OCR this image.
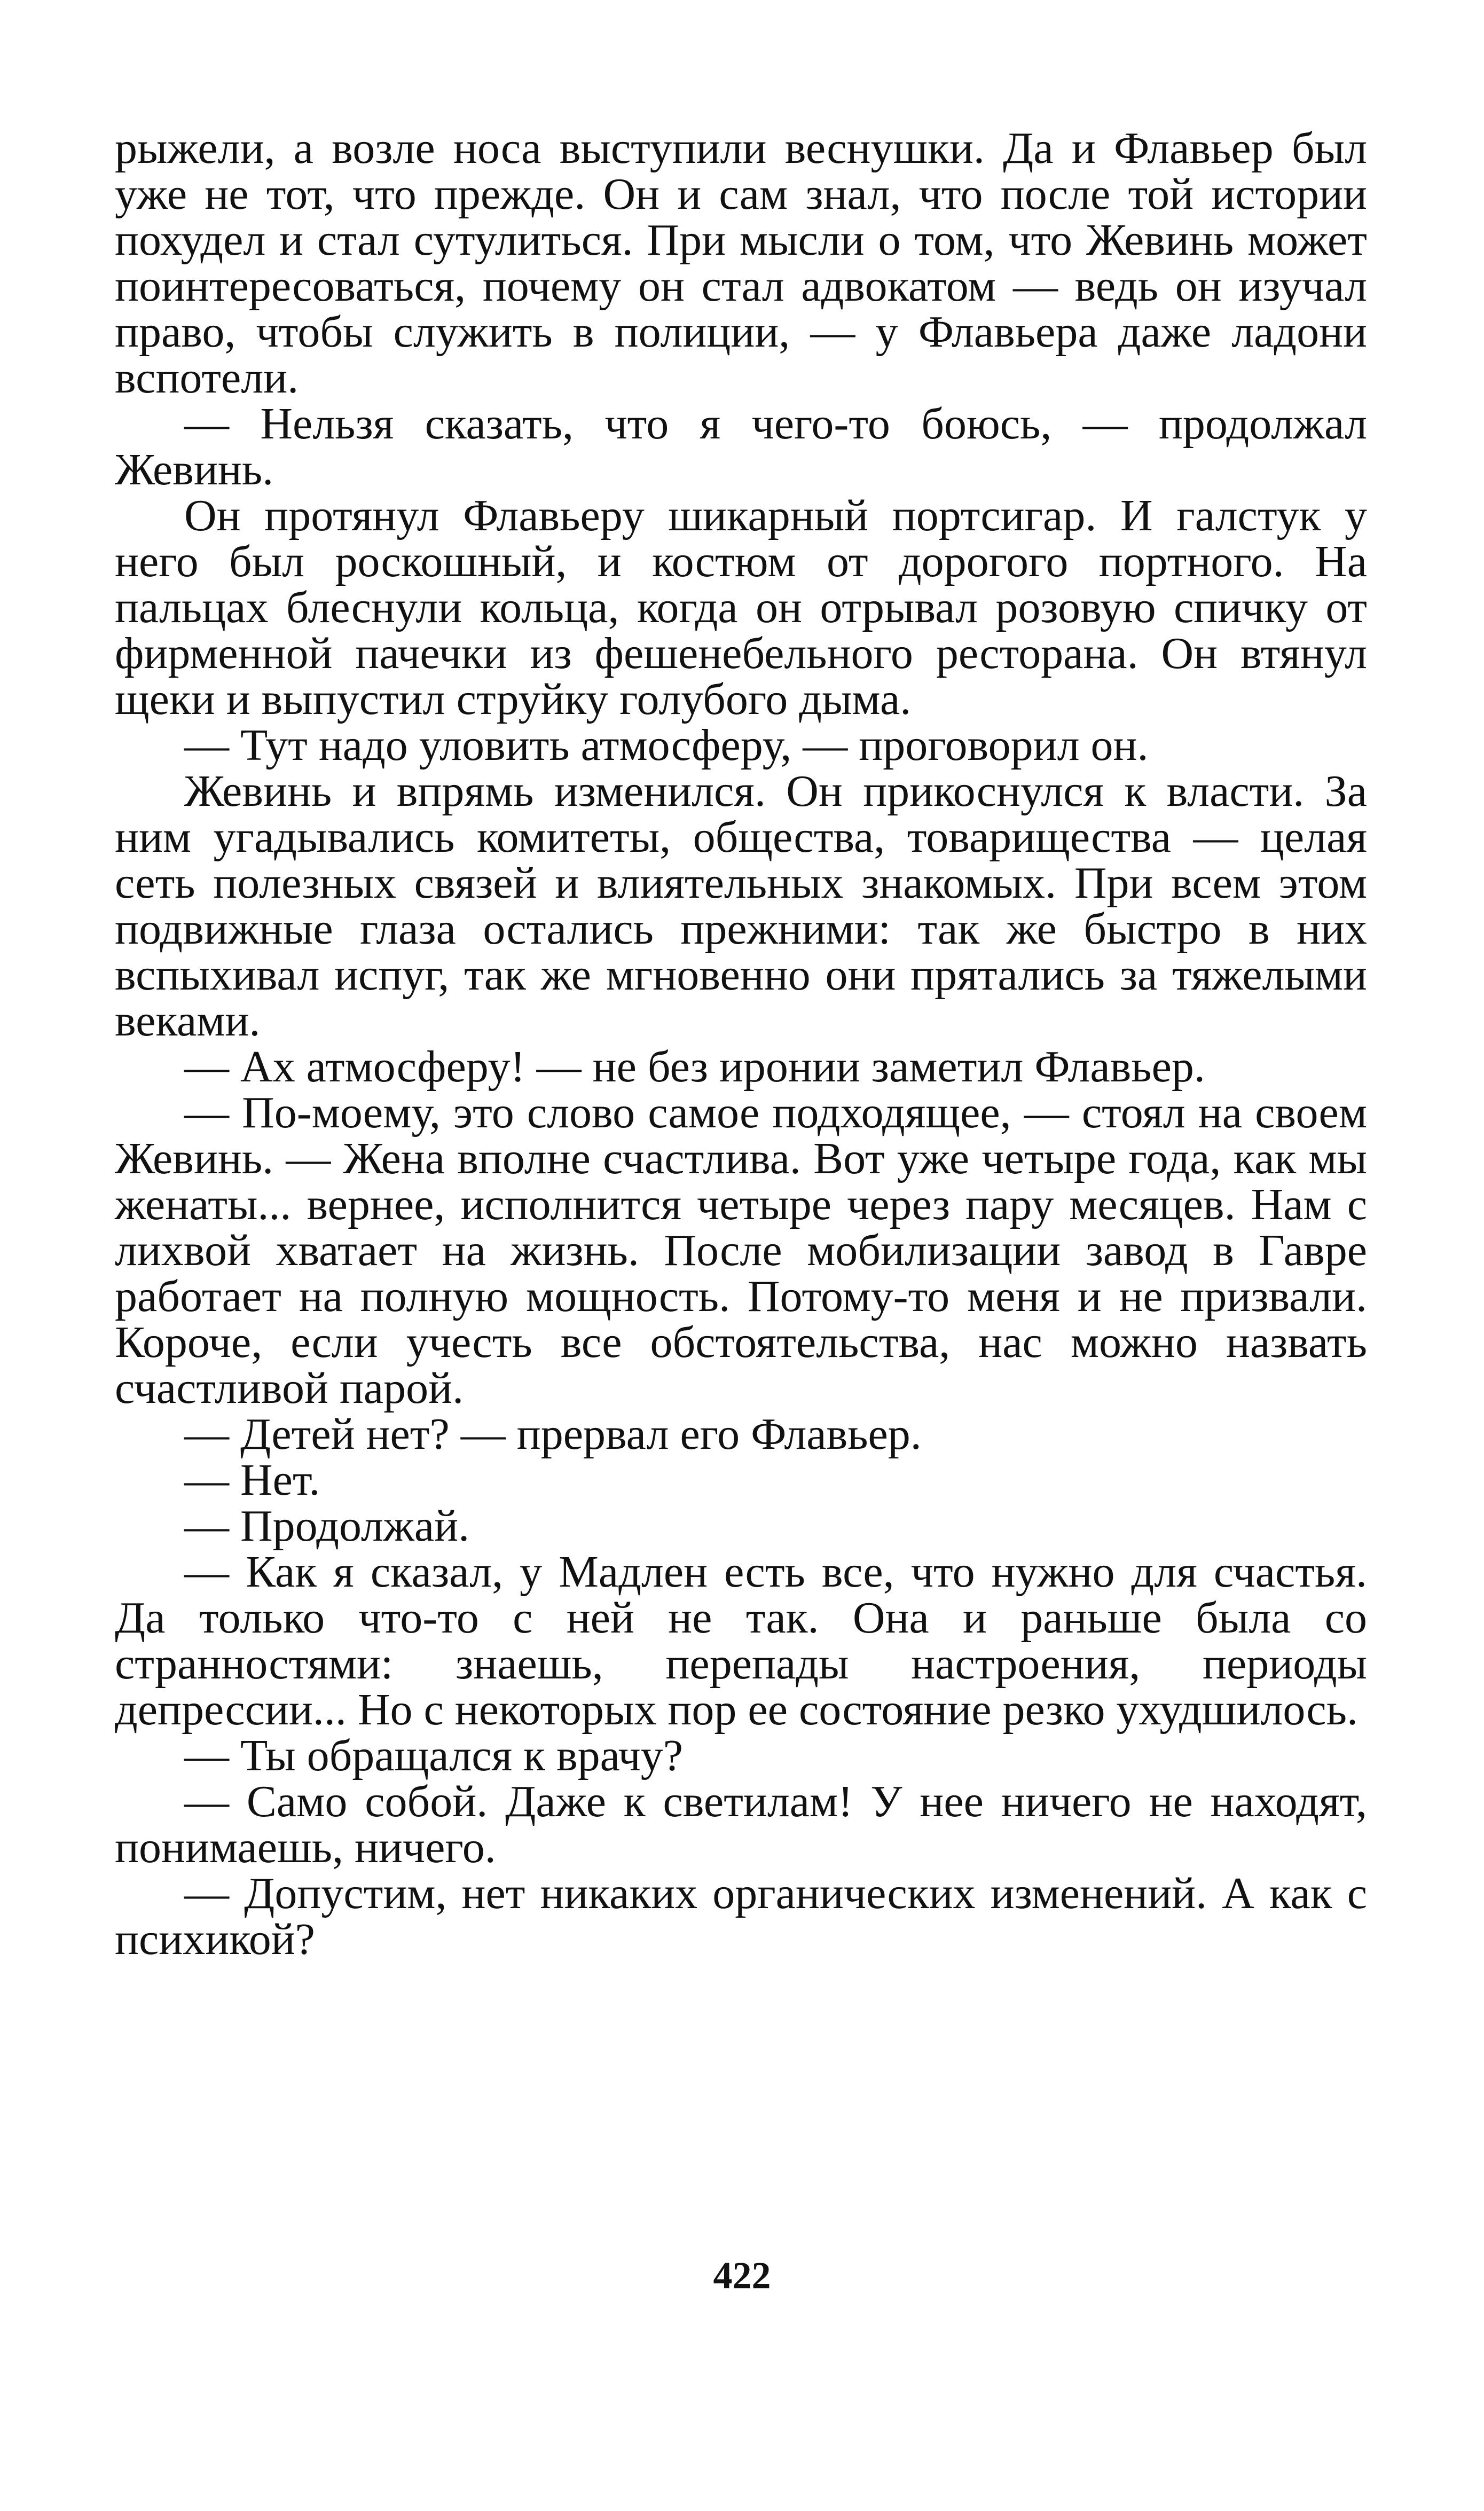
рыжели, а возле носа выступили веснушки. Да и Флавьер был уже не тот, что прежде. Он и сам знал, что после той истории похудел и стал сутулиться. При мысли о том, что Жевинь может поинтересоваться, почему он стал адвокатом — ведь он изучал право, чтобы служить в полиции, — у Флавьера даже ладони вспотели.

— Нельзя сказать, что я чего-то боюсь, — продолжал Жевинь.

Он протянул Флавьеру шикарный портсигар. И галстук у него был роскошный, и костюм от дорогого портного. На пальцах блеснули кольца, когда он отрывал розовую спичку от фирменной пачечки из фешенебельного ресторана. Он втянул щеки и выпустил струйку голубого дыма.

— Тут надо уловить атмосферу, — проговорил он.

Жевинь и впрямь изменился. Он прикоснулся к власти. За ним угадывались комитеты, общества, товарищества — целая сеть полезных связей и влиятельных знакомых. При всем этом подвижные глаза остались прежними: так же быстро в них вспыхивал испуг, так же мгновенно они прятались за тяжелыми веками.

— Ах атмосферу! — не без иронии заметил Флавьер.

— По-моему, это слово самое подходящее, — стоял на своем Жевинь. — Жена вполне счастлива. Вот уже четыре года, как мы женаты... вернее, исполнится четыре через пару месяцев. Нам с лихвой хватает на жизнь. После мобилизации завод в Гавре работает на полную мощность. Потому-то меня и не призвали. Короче, если учесть все обстоятельства, нас можно назвать счастливой парой.

— Детей нет? — прервал его Флавьер.

— Нет.

— Продолжай.

— Как я сказал, у Мадлен есть все, что нужно для счастья. Да только что-то с ней не так. Она и раньше была со странностями: знаешь, перепады настроения, периоды депрессии... Но с некоторых пор ее состояние резко ухудшилось.

— Ты обращался к врачу?

— Само собой. Даже к светилам! У нее ничего не находят, понимаешь, ничего.

— Допустим, нет никаких органических изменений. А как с психикой?

422
